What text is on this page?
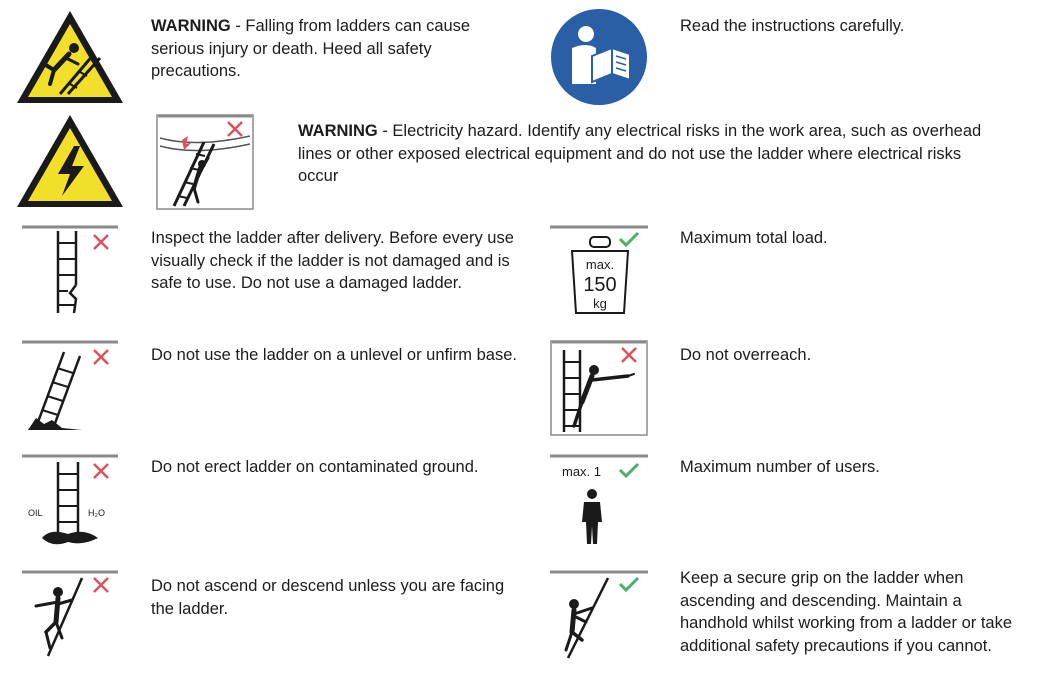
WARNING - Falling from ladders can cause serious injury or death. Heed all safety precautions.
Read the instructions carefully.
WARNING - Electricity hazard. Identify any electrical risks in the work area, such as overhead lines or other exposed electrical equipment and do not use the ladder where electrical risks occur
Inspect the ladder after delivery. Before every use visually check if the ladder is not damaged and is safe to use. Do not use a damaged ladder.
max.
150
kg
Maximum total load.
Do not use the ladder on a unlevel or unfirm base.	Do not overreach.
OIL	H₂O
Do not erect ladder on contaminated ground.	max. 1	Maximum number of users.
Do not ascend or descend unless you are facing the ladder.
Keep a secure grip on the ladder when ascending and descending. Maintain a handhold whilst working from a ladder or take additional safety precautions if you cannot.
